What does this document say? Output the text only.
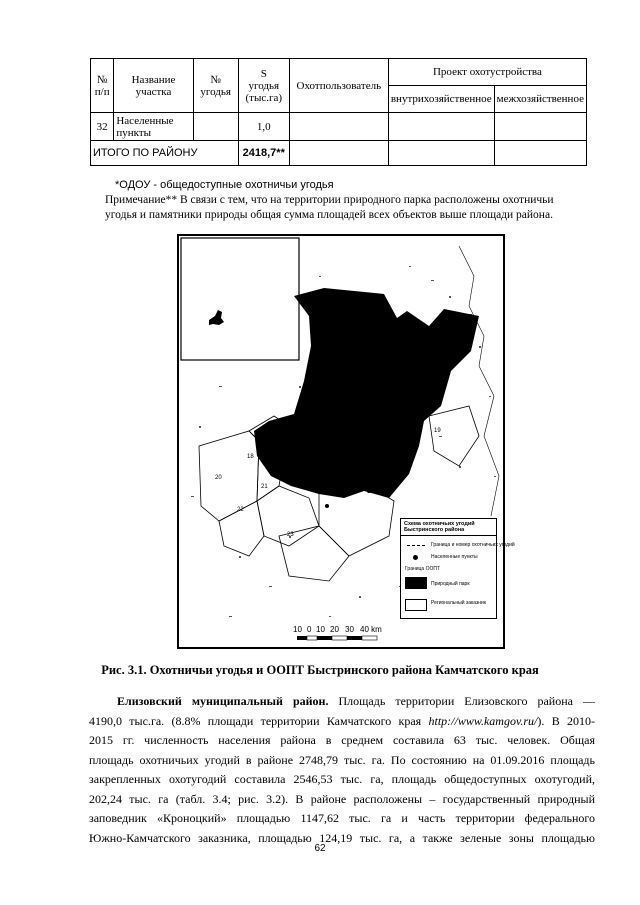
№ п/п	Название участка	№ угодья	S
угодья (тыс.га)	Охотпользователь	Проект охотустройства	
					внутрихозяйственное	межхозяйственное
32	Населенные пункты		1,0			
ИТОГО ПО РАЙОНУ			2418,7**			
*ОДОУ - общедоступные охотничьи угодья
Примечание** В связи с тем, что на территории природного парка расположены охотничьи
угодья и памятники природы общая сумма площадей всех объектов выше площади района.
18
20
21
22
23
19
Схема охотничьих угодий Быстринского района
Граница и номер охотничьих угодий
Населенные пункты
Граница ООПТ
Природный парк
Региональный заказник
10 0 10 20 30 40 km
Рис. 3.1. Охотничьи угодья и ООПТ Быстринского района Камчатского края
Елизовский муниципальный район. Площадь территории Елизовского района —
4190,0 тыс.га. (8.8% площади территории Камчатского края http://www.kamgov.ru/). В 2010-
2015 гг. численность населения района в среднем составила 63 тыс. человек. Общая
площадь охотничьих угодий в районе 2748,79 тыс. га. По состоянию на 01.09.2016 площадь
закрепленных охотугодий составила 2546,53 тыс. га, площадь общедоступных охотугодий,
202,24 тыс. га (табл. 3.4; рис. 3.2). В районе расположены – государственный природный
заповедник «Кроноцкий» площадью 1147,62 тыс. га и часть территории федерального
Южно-Камчатского заказника, площадью 124,19 тыс. га, а также зеленые зоны площадью
62
